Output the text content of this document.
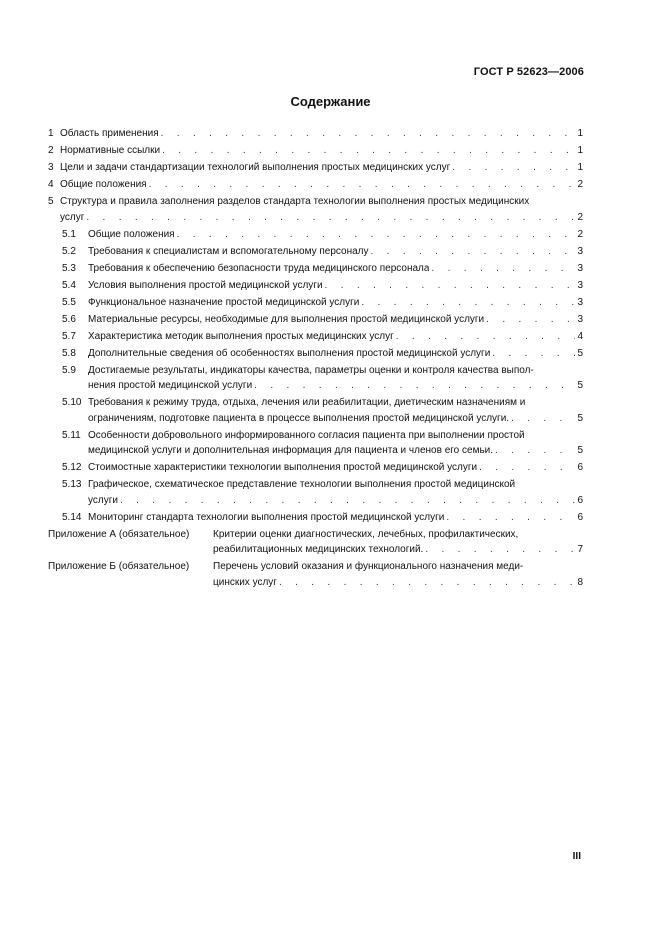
ГОСТ Р 52623—2006
Содержание
1 Область применения . . .	1
2 Нормативные ссылки . . .	1
3 Цели и задачи стандартизации технологий выполнения простых медицинских услуг . . .	1
4 Общие положения . . .	2
5 Структура и правила заполнения разделов стандарта технологии выполнения простых медицинских
услуг . . .	2
5.1 Общие положения . . .	2
5.2 Требования к специалистам и вспомогательному персоналу . . .	3
5.3 Требования к обеспечению безопасности труда медицинского персонала . . .	3
5.4 Условия выполнения простой медицинской услуги . . .	3
5.5 Функциональное назначение простой медицинской услуги . . .	3
5.6 Материальные ресурсы, необходимые для выполнения простой медицинской услуги . . .	3
5.7 Характеристика методик выполнения простых медицинских услуг . . .	4
5.8 Дополнительные сведения об особенностях выполнения простой медицинской услуги . . .	5
5.9 Достигаемые результаты, индикаторы качества, параметры оценки и контроля качества выпол-
нения простой медицинской услуги . . .	5
5.10 Требования к режиму труда, отдыха, лечения или реабилитации, диетическим назначениям и
ограничениям, подготовке пациента в процессе выполнения простой медицинской услуги. . . .	5
5.11 Особенности добровольного информированного согласия пациента при выполнении простой
медицинской услуги и дополнительная информация для пациента и членов его семьи. . . .	5
5.12 Стоимостные характеристики технологии выполнения простой медицинской услуги . . .	6
5.13 Графическое, схематическое представление технологии выполнения простой медицинской
услуги . . .	6
5.14 Мониторинг стандарта технологии выполнения простой медицинской услуги . . .	6
Приложение А (обязательное) Критерии оценки диагностических, лечебных, профилактических,
реабилитационных медицинских технологий. . . .	7
Приложение Б (обязательное) Перечень условий оказания и функционального назначения меди-
цинских услуг . . .	8
III
